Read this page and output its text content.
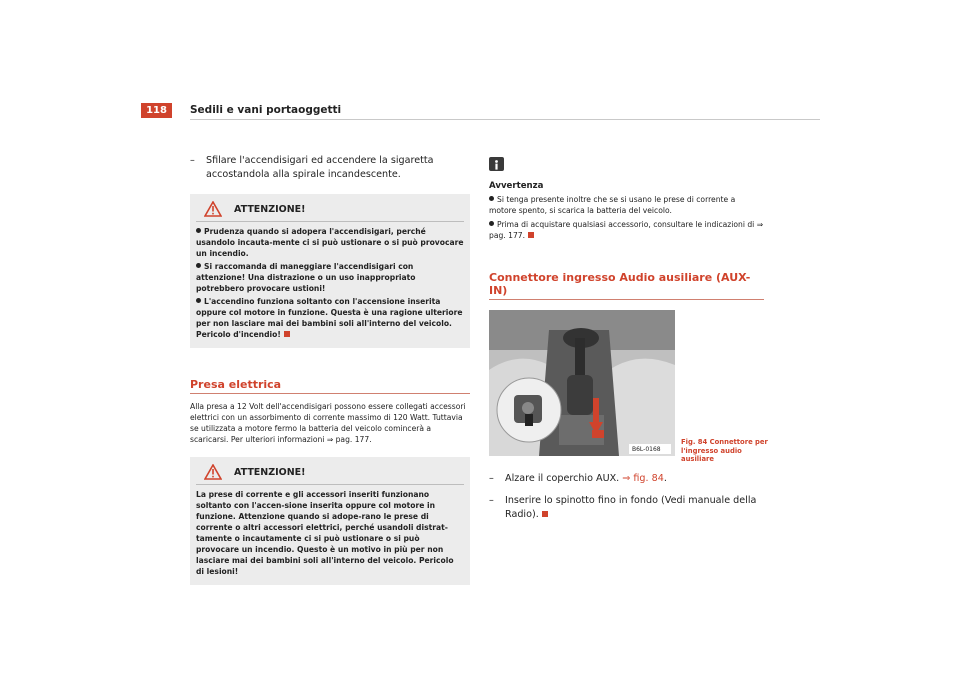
118	Sedili e vani portaoggetti
– Sfilare l'accendisigari ed accendere la sigaretta accostandola alla spirale incandescente.
ATTENZIONE!
Prudenza quando si adopera l'accendisigari, perché usandolo incauta-mente ci si può ustionare o si può provocare un incendio.
Si raccomanda di maneggiare l'accendisigari con attenzione! Una distrazione o un uso inappropriato potrebbero provocare ustioni!
L'accendino funziona soltanto con l'accensione inserita oppure col motore in funzione. Questa è una ragione ulteriore per non lasciare mai dei bambini soli all'interno del veicolo. Pericolo d'incendio!
Presa elettrica
Alla presa a 12 Volt dell'accendisigari possono essere collegati accessori elettrici con un assorbimento di corrente massimo di 120 Watt. Tuttavia se utilizzata a motore fermo la batteria del veicolo comincerà a scaricarsi. Per ulteriori informazioni ⇒ pag. 177.
ATTENZIONE!
La prese di corrente e gli accessori inseriti funzionano soltanto con l'accen-sione inserita oppure col motore in funzione. Attenzione quando si adope-rano le prese di corrente o altri accessori elettrici, perché usandoli distrat-tamente o incautamente ci si può ustionare o si può provocare un incendio. Questo è un motivo in più per non lasciare mai dei bambini soli all'interno del veicolo. Pericolo di lesioni!
Avvertenza
Si tenga presente inoltre che se si usano le prese di corrente a motore spento, si scarica la batteria del veicolo.
Prima di acquistare qualsiasi accessorio, consultare le indicazioni di ⇒ pag. 177.
Connettore ingresso Audio ausiliare (AUX-IN)
B6L-0168
Fig. 84 Connettore per l'ingresso audio ausiliare
– Alzare il coperchio AUX. ⇒ fig. 84.
– Inserire lo spinotto fino in fondo (Vedi manuale della Radio).
